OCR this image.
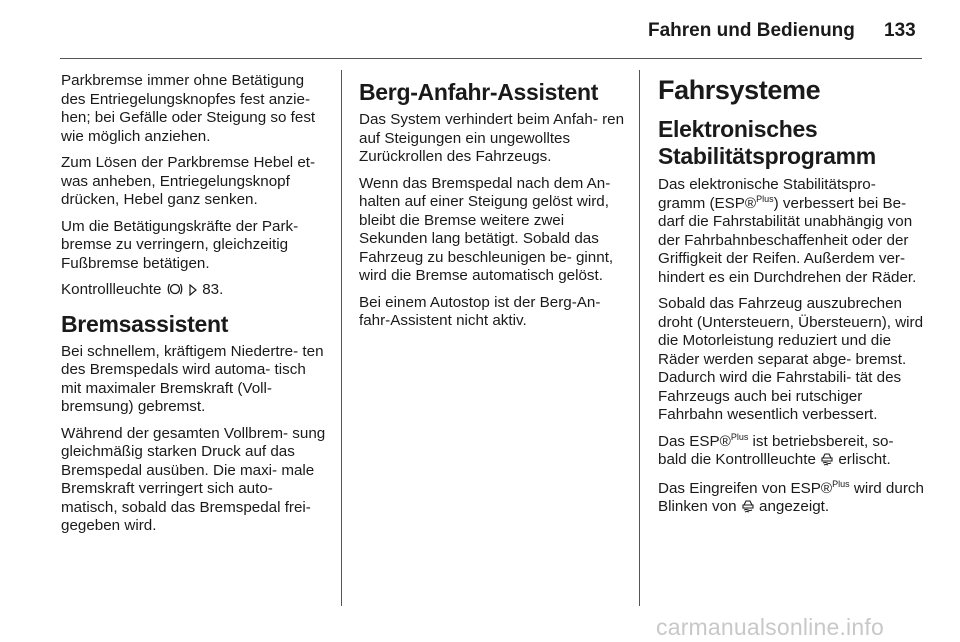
Fahren und Bedienung 133

Parkbremse immer ohne Betätigung des Entriegelungsknopfes fest anzie- hen; bei Gefälle oder Steigung so fest wie möglich anziehen.

Zum Lösen der Parkbremse Hebel et- was anheben, Entriegelungsknopf drücken, Hebel ganz senken.

Um die Betätigungskräfte der Park- bremse zu verringern, gleichzeitig Fußbremse betätigen.

Kontrollleuchte	83.

Bremsassistent

Bei schnellem, kräftigem Niedertre- ten des Bremspedals wird automa- tisch mit maximaler Bremskraft (Voll- bremsung) gebremst.

Während der gesamten Vollbrem- sung gleichmäßig starken Druck auf das Bremspedal ausüben. Die maxi- male Bremskraft verringert sich auto- matisch, sobald das Bremspedal frei- gegeben wird.

Berg-Anfahr-Assistent

Das System verhindert beim Anfah- ren auf Steigungen ein ungewolltes Zurückrollen des Fahrzeugs.

Wenn das Bremspedal nach dem An- halten auf einer Steigung gelöst wird, bleibt die Bremse weitere zwei Sekunden lang betätigt. Sobald das Fahrzeug zu beschleunigen be- ginnt, wird die Bremse automatisch gelöst.

Bei einem Autostop ist der Berg-An- fahr-Assistent nicht aktiv.

Fahrsysteme
Elektronisches Stabilitätsprogramm

Das elektronische Stabilitätspro- gramm (ESP®$^{Plus}$) verbessert bei Be- darf die Fahrstabilität unabhängig von der Fahrbahnbeschaffenheit oder der Griffigkeit der Reifen. Außerdem ver- hindert es ein Durchdrehen der Räder.

Sobald das Fahrzeug auszubrechen droht (Untersteuern, Übersteuern), wird die Motorleistung reduziert und die Räder werden separat abge- bremst. Dadurch wird die Fahrstabili- tät des Fahrzeugs auch bei rutschiger Fahrbahn wesentlich verbessert.

Das ESP®$^{Plus}$ ist betriebsbereit, so- bald die Kontrollleuchte erlischt.

Das Eingreifen von ESP®$^{Plus}$ wird durch Blinken von angezeigt.

carmanualsonline.info
